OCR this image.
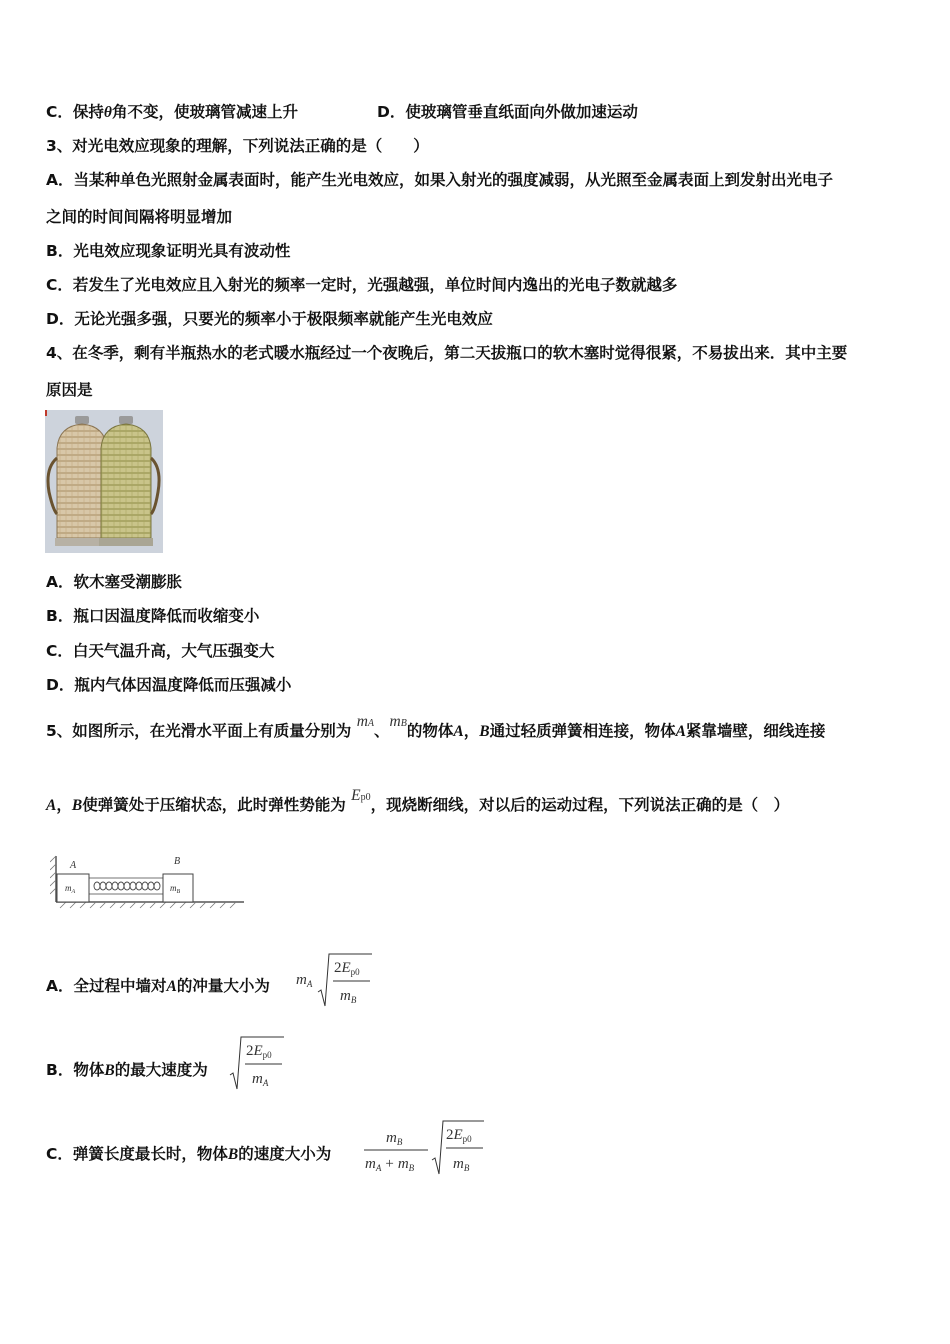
C．保持θ角不变，使玻璃管减速上升	D．使玻璃管垂直纸面向外做加速运动
3、对光电效应现象的理解，下列说法正确的是（　　）
A．当某种单色光照射金属表面时，能产生光电效应，如果入射光的强度减弱，从光照至金属表面上到发射出光电子
之间的时间间隔将明显增加
B．光电效应现象证明光具有波动性
C．若发生了光电效应且入射光的频率一定时，光强越强，单位时间内逸出的光电子数就越多
D．无论光强多强，只要光的频率小于极限频率就能产生光电效应
4、在冬季，剩有半瓶热水的老式暖水瓶经过一个夜晚后，第二天拔瓶口的软木塞时觉得很紧，不易拔出来．其中主要
原因是
A．软木塞受潮膨胀
B．瓶口因温度降低而收缩变小
C．白天气温升高，大气压强变大
D．瓶内气体因温度降低而压强减小
5、如图所示，在光滑水平面上有质量分别为 mA、mB的物体A，B通过轻质弹簧相连接，物体A紧靠墙壁，细线连接
A，B使弹簧处于压缩状态，此时弹性势能为 Ep0，现烧断细线，对以后的运动过程，下列说法正确的是（　）
A	B
$m_A$	$m_B$
A．全过程中墙对A的冲量大小为 $m_A$
$2E_{p0}$
$m_B$
B．物体B的最大速度为
$2E_{p0}$
$m_A$
C．弹簧长度最长时，物体B的速度大小为
$m_B$
$m_A + m_B$
$2E_{p0}$
$m_B$
